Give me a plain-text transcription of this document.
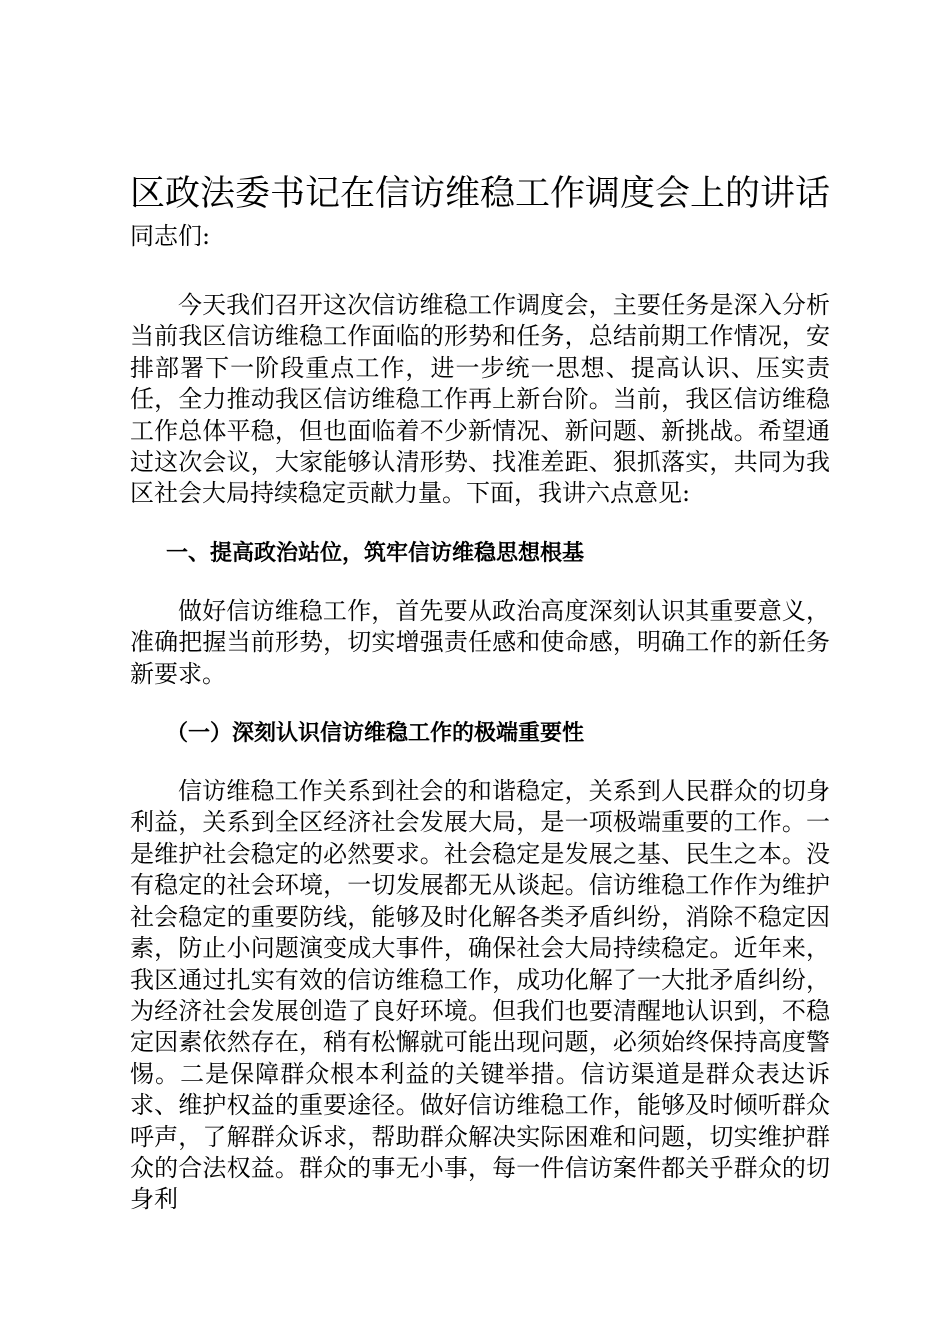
区政法委书记在信访维稳工作调度会上的讲话
同志们:

今天我们召开这次信访维稳工作调度会，主要任务是深入分析当前我区信访维稳工作面临的形势和任务，总结前期工作情况，安排部署下一阶段重点工作，进一步统一思想、提高认识、压实责任，全力推动我区信访维稳工作再上新台阶。当前，我区信访维稳工作总体平稳，但也面临着不少新情况、新问题、新挑战。希望通过这次会议，大家能够认清形势、找准差距、狠抓落实，共同为我区社会大局持续稳定贡献力量。下面，我讲六点意见:

一、提高政治站位，筑牢信访维稳思想根基

做好信访维稳工作，首先要从政治高度深刻认识其重要意义，准确把握当前形势，切实增强责任感和使命感，明确工作的新任务新要求。

（一）深刻认识信访维稳工作的极端重要性

信访维稳工作关系到社会的和谐稳定，关系到人民群众的切身利益，关系到全区经济社会发展大局，是一项极端重要的工作。一是维护社会稳定的必然要求。社会稳定是发展之基、民生之本。没有稳定的社会环境，一切发展都无从谈起。信访维稳工作作为维护社会稳定的重要防线，能够及时化解各类矛盾纠纷，消除不稳定因素，防止小问题演变成大事件，确保社会大局持续稳定。近年来，我区通过扎实有效的信访维稳工作，成功化解了一大批矛盾纠纷，为经济社会发展创造了良好环境。但我们也要清醒地认识到，不稳定因素依然存在，稍有松懈就可能出现问题，必须始终保持高度警惕。二是保障群众根本利益的关键举措。信访渠道是群众表达诉求、维护权益的重要途径。做好信访维稳工作，能够及时倾听群众呼声，了解群众诉求，帮助群众解决实际困难和问题，切实维护群众的合法权益。群众的事无小事，每一件信访案件都关乎群众的切身利
